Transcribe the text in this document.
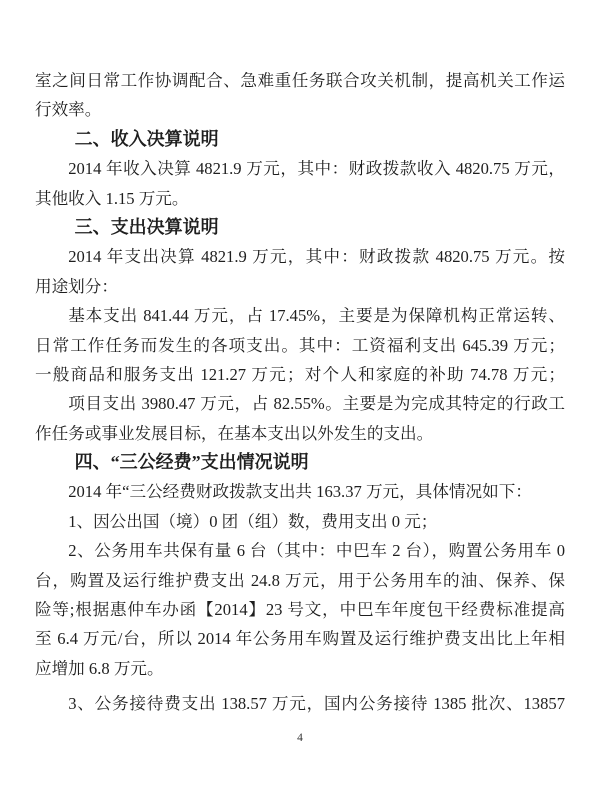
室之间日常工作协调配合、急难重任务联合攻关机制，提高机关工作运
行效率。
二、收入决算说明
2014 年收入决算 4821.9 万元，其中：财政拨款收入 4820.75 万元，
其他收入 1.15 万元。
三、支出决算说明
2014 年支出决算 4821.9 万元，其中：财政拨款 4820.75 万元。按
用途划分：
基本支出 841.44 万元，占 17.45%，主要是为保障机构正常运转、
日常工作任务而发生的各项支出。其中：工资福利支出 645.39 万元；
一般商品和服务支出 121.27 万元；对个人和家庭的补助 74.78 万元；
项目支出 3980.47 万元，占 82.55%。主要是为完成其特定的行政工
作任务或事业发展目标，在基本支出以外发生的支出。
四、“三公经费”支出情况说明
2014 年“三公经费财政拨款支出共 163.37 万元，具体情况如下：
1、因公出国（境）0 团（组）数，费用支出 0 元；
2、公务用车共保有量 6 台（其中：中巴车 2 台），购置公务用车 0
台，购置及运行维护费支出 24.8 万元，用于公务用车的油、保养、保
险等;根据惠仲车办函【2014】23 号文，中巴车年度包干经费标准提高
至 6.4 万元/台，所以 2014 年公务用车购置及运行维护费支出比上年相
应增加 6.8 万元。
3、公务接待费支出 138.57 万元，国内公务接待 1385 批次、13857
4
